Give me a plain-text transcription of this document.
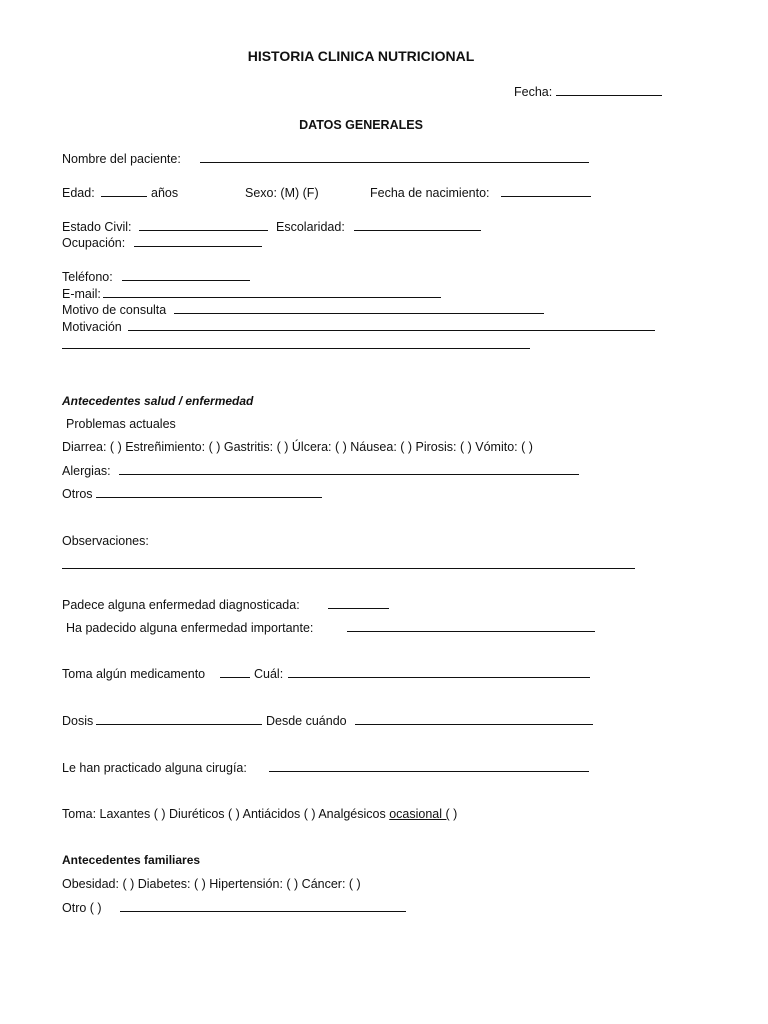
HISTORIA CLINICA NUTRICIONAL
Fecha:
DATOS GENERALES
Nombre del paciente:
Edad:	años	Sexo: (M) (F)	Fecha de nacimiento:
Estado Civil:	Escolaridad:
Ocupación:
Teléfono:
E-mail:
Motivo de consulta
Motivación
Antecedentes salud / enfermedad
Problemas actuales
Diarrea: ( ) Estreñimiento: ( ) Gastritis: ( ) Úlcera: ( ) Náusea: ( ) Pirosis: ( ) Vómito: ( )
Alergias:
Otros
Observaciones:
Padece alguna enfermedad diagnosticada:
Ha padecido alguna enfermedad importante:
Toma algún medicamento	Cuál:
Dosis	Desde cuándo
Le han practicado alguna cirugía:
Toma: Laxantes ( ) Diuréticos ( ) Antiácidos ( ) Analgésicos ocasional ( )
Antecedentes familiares
Obesidad: ( ) Diabetes: ( ) Hipertensión: ( ) Cáncer: ( )
Otro ( )
